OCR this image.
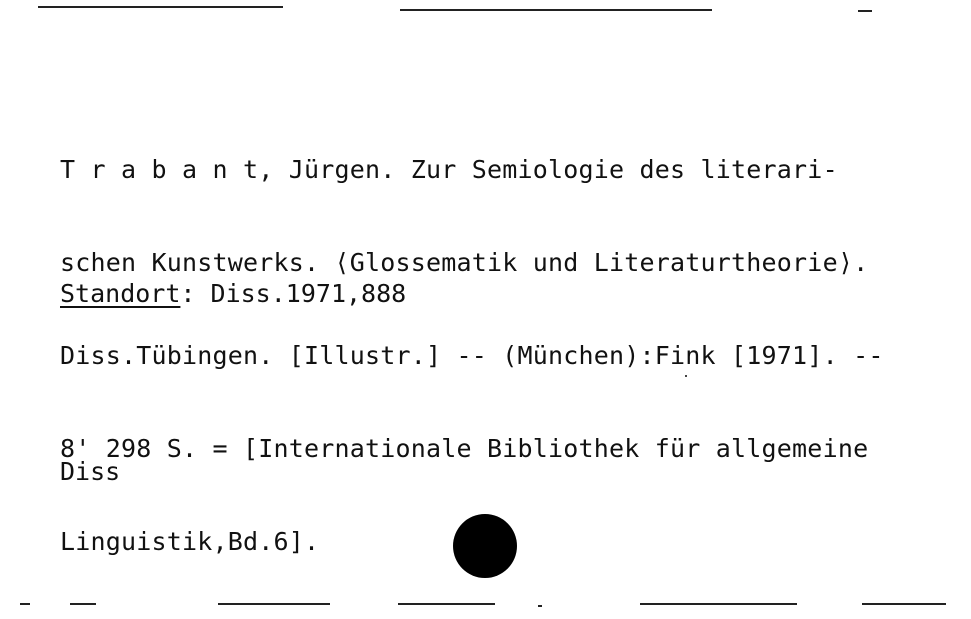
T r a b a n t, Jürgen. Zur Semiologie des literari-

schen Kunstwerks. ⟨Glossematik und Literaturtheorie⟩.

Diss.Tübingen. [Illustr.] -- (München):Fink [1971]. --

8' 298 S. = [Internationale Bibliothek für allgemeine

Linguistik,Bd.6].

Standort: Diss.1971,888
Diss
